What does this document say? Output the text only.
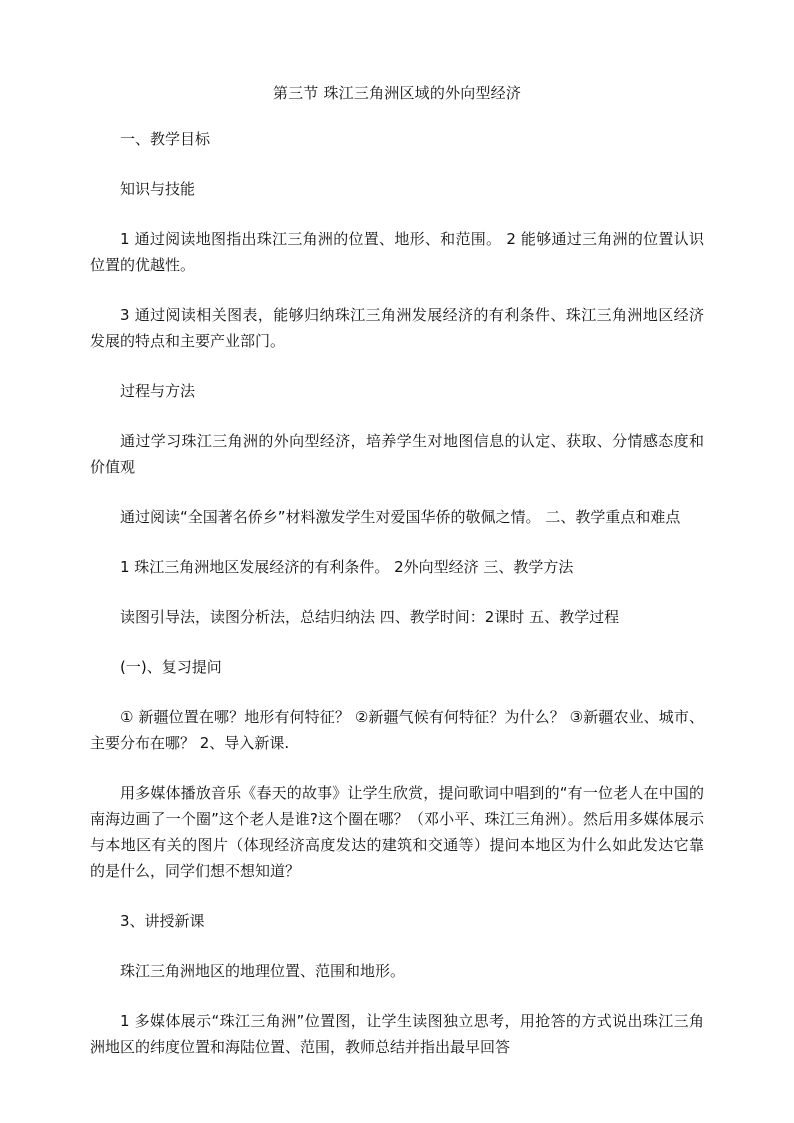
第三节 珠江三角洲区域的外向型经济

一、教学目标

知识与技能

1 通过阅读地图指出珠江三角洲的位置、地形、和范围。 2 能够通过三角洲的位置认识位置的优越性。

3 通过阅读相关图表，能够归纳珠江三角洲发展经济的有利条件、珠江三角洲地区经济发展的特点和主要产业部门。

过程与方法

通过学习珠江三角洲的外向型经济，培养学生对地图信息的认定、获取、分情感态度和价值观

通过阅读“全国著名侨乡”材料激发学生对爱国华侨的敬佩之情。 二、教学重点和难点

1 珠江三角洲地区发展经济的有利条件。 2外向型经济 三、教学方法

读图引导法，读图分析法，总结归纳法 四、教学时间：2课时 五、教学过程

(一)、复习提问

① 新疆位置在哪？地形有何特征？ ②新疆气候有何特征？为什么？ ③新疆农业、城市、主要分布在哪？ 2、导入新课.

用多媒体播放音乐《春天的故事》让学生欣赏，提问歌词中唱到的“有一位老人在中国的南海边画了一个圈”这个老人是谁?这个圈在哪？（邓小平、珠江三角洲）。然后用多媒体展示与本地区有关的图片（体现经济高度发达的建筑和交通等）提问本地区为什么如此发达它靠的是什么，同学们想不想知道？

3、讲授新课

珠江三角洲地区的地理位置、范围和地形。

1 多媒体展示“珠江三角洲”位置图，让学生读图独立思考，用抢答的方式说出珠江三角洲地区的纬度位置和海陆位置、范围，教师总结并指出最早回答
